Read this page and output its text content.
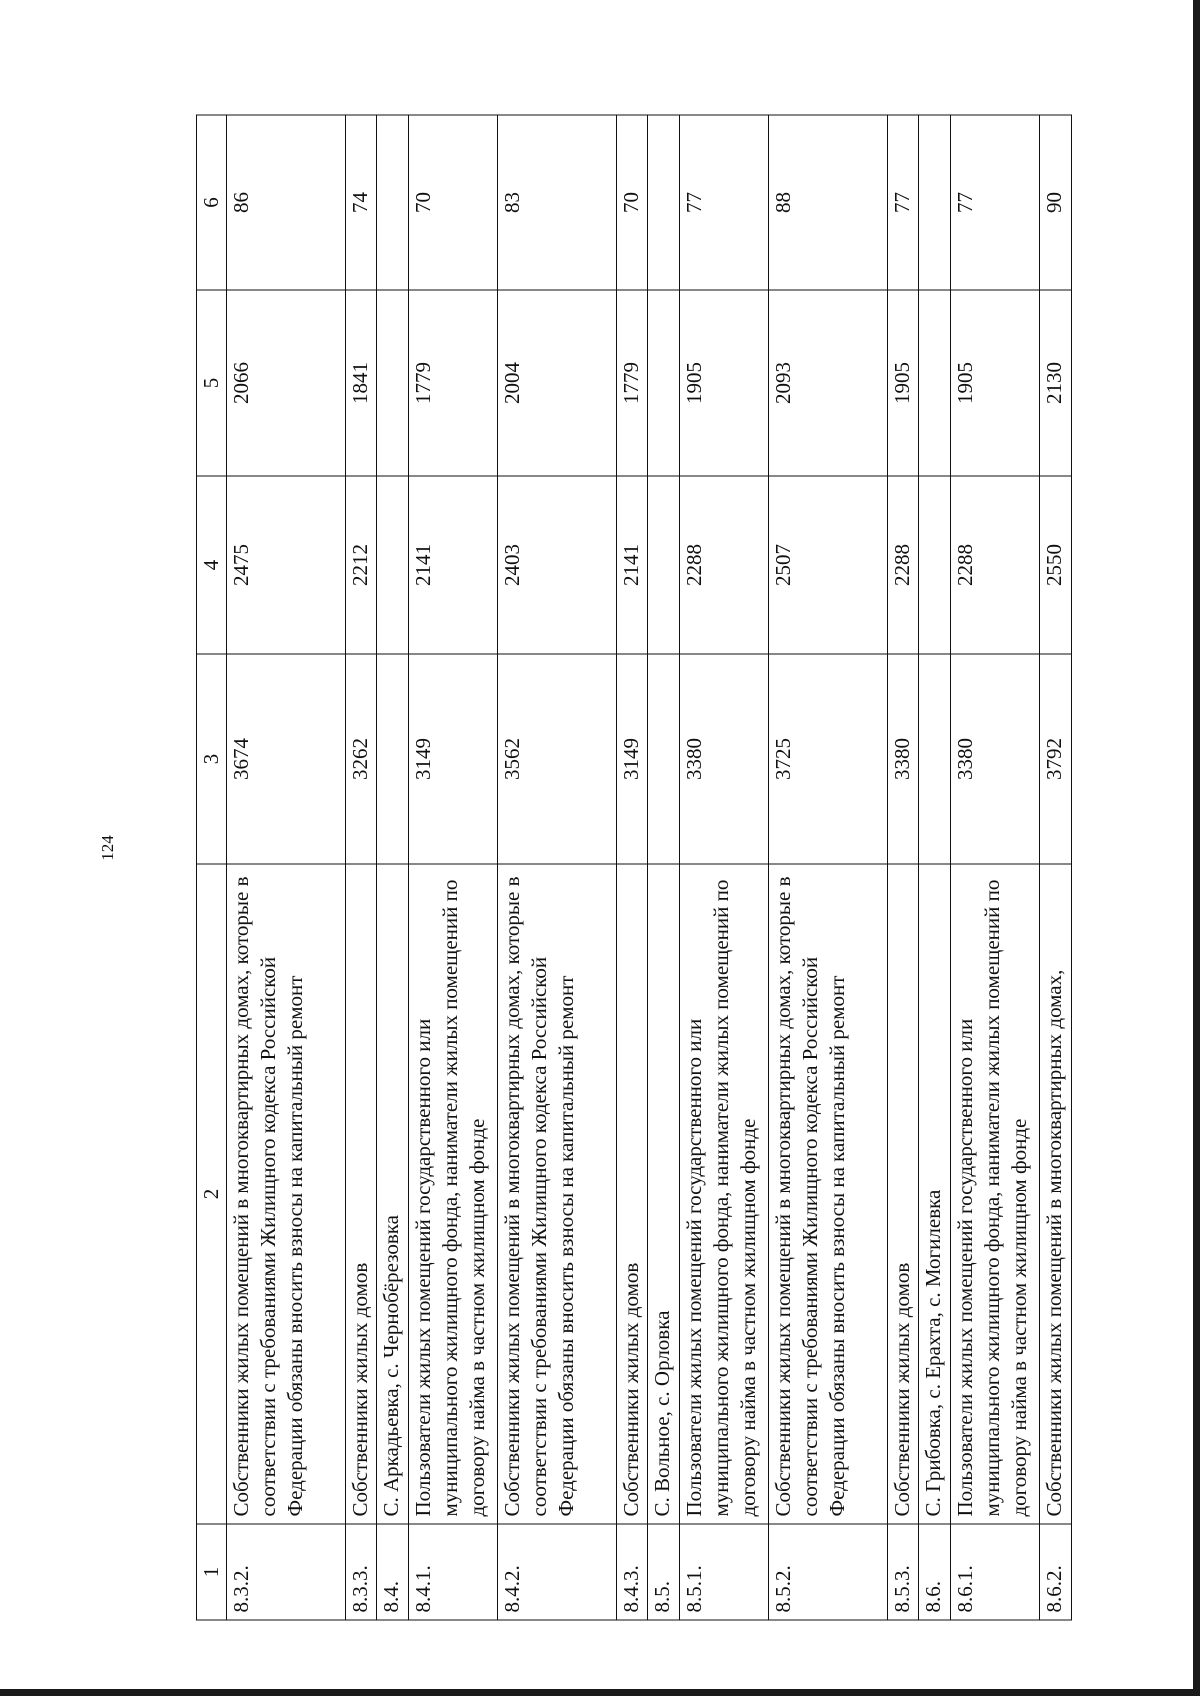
124
1	2	3	4	5	6
8.3.2.	Собственники жилых помещений в многоквартирных домах, которые в соответствии с требованиями Жилищного кодекса Российской Федерации обязаны вносить взносы на капитальный ремонт	3674	2475	2066	86
8.3.3.	Собственники жилых домов	3262	2212	1841	74
8.4.	С. Аркадьевка, с. Чернобёрезовка				
8.4.1.	Пользователи жилых помещений государственного или муниципального жилищного фонда, наниматели жилых помещений по договору найма в частном жилищном фонде	3149	2141	1779	70
8.4.2.	Собственники жилых помещений в многоквартирных домах, которые в соответствии с требованиями Жилищного кодекса Российской Федерации обязаны вносить взносы на капитальный ремонт	3562	2403	2004	83
8.4.3.	Собственники жилых домов	3149	2141	1779	70
8.5.	С. Вольное, с. Орловка				
8.5.1.	Пользователи жилых помещений государственного или муниципального жилищного фонда, наниматели жилых помещений по договору найма в частном жилищном фонде	3380	2288	1905	77
8.5.2.	Собственники жилых помещений в многоквартирных домах, которые в соответствии с требованиями Жилищного кодекса Российской Федерации обязаны вносить взносы на капитальный ремонт	3725	2507	2093	88
8.5.3.	Собственники жилых домов	3380	2288	1905	77
8.6.	С. Грибовка, с. Ерахта, с. Могилевка				
8.6.1.	Пользователи жилых помещений государственного или муниципального жилищного фонда, наниматели жилых помещений по договору найма в частном жилищном фонде	3380	2288	1905	77
8.6.2.	Собственники жилых помещений в многоквартирных домах,	3792	2550	2130	90
